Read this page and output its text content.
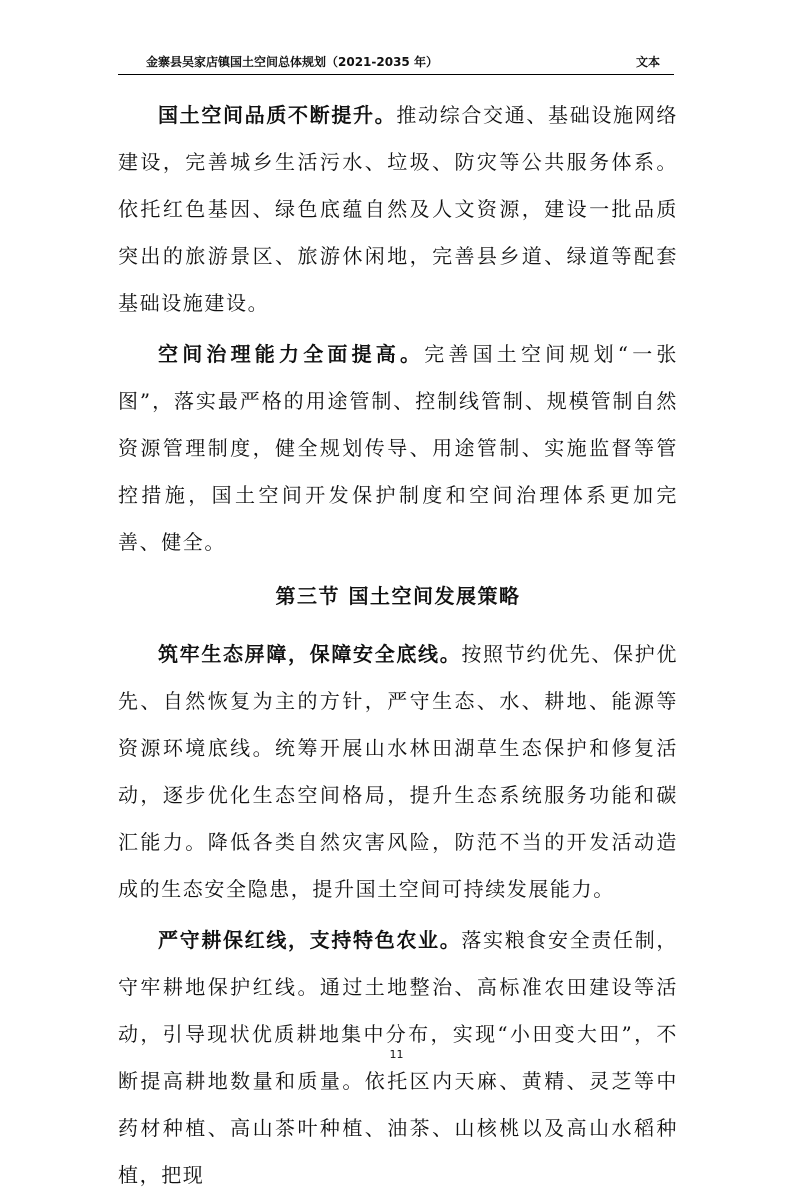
金寨县吴家店镇国土空间总体规划（2021-2035 年）	文本

国土空间品质不断提升。推动综合交通、基础设施网络建设，完善城乡生活污水、垃圾、防灾等公共服务体系。依托红色基因、绿色底蕴自然及人文资源，建设一批品质突出的旅游景区、旅游休闲地，完善县乡道、绿道等配套基础设施建设。

空间治理能力全面提高。完善国土空间规划“一张图”，落实最严格的用途管制、控制线管制、规模管制自然资源管理制度，健全规划传导、用途管制、实施监督等管控措施，国土空间开发保护制度和空间治理体系更加完善、健全。

第三节 国土空间发展策略

筑牢生态屏障，保障安全底线。按照节约优先、保护优先、自然恢复为主的方针，严守生态、水、耕地、能源等资源环境底线。统筹开展山水林田湖草生态保护和修复活动，逐步优化生态空间格局，提升生态系统服务功能和碳汇能力。降低各类自然灾害风险，防范不当的开发活动造成的生态安全隐患，提升国土空间可持续发展能力。

严守耕保红线，支持特色农业。落实粮食安全责任制，守牢耕地保护红线。通过土地整治、高标准农田建设等活动，引导现状优质耕地集中分布，实现“小田变大田”，不断提高耕地数量和质量。依托区内天麻、黄精、灵芝等中药材种植、高山茶叶种植、油茶、山核桃以及高山水稻种植，把现

11
